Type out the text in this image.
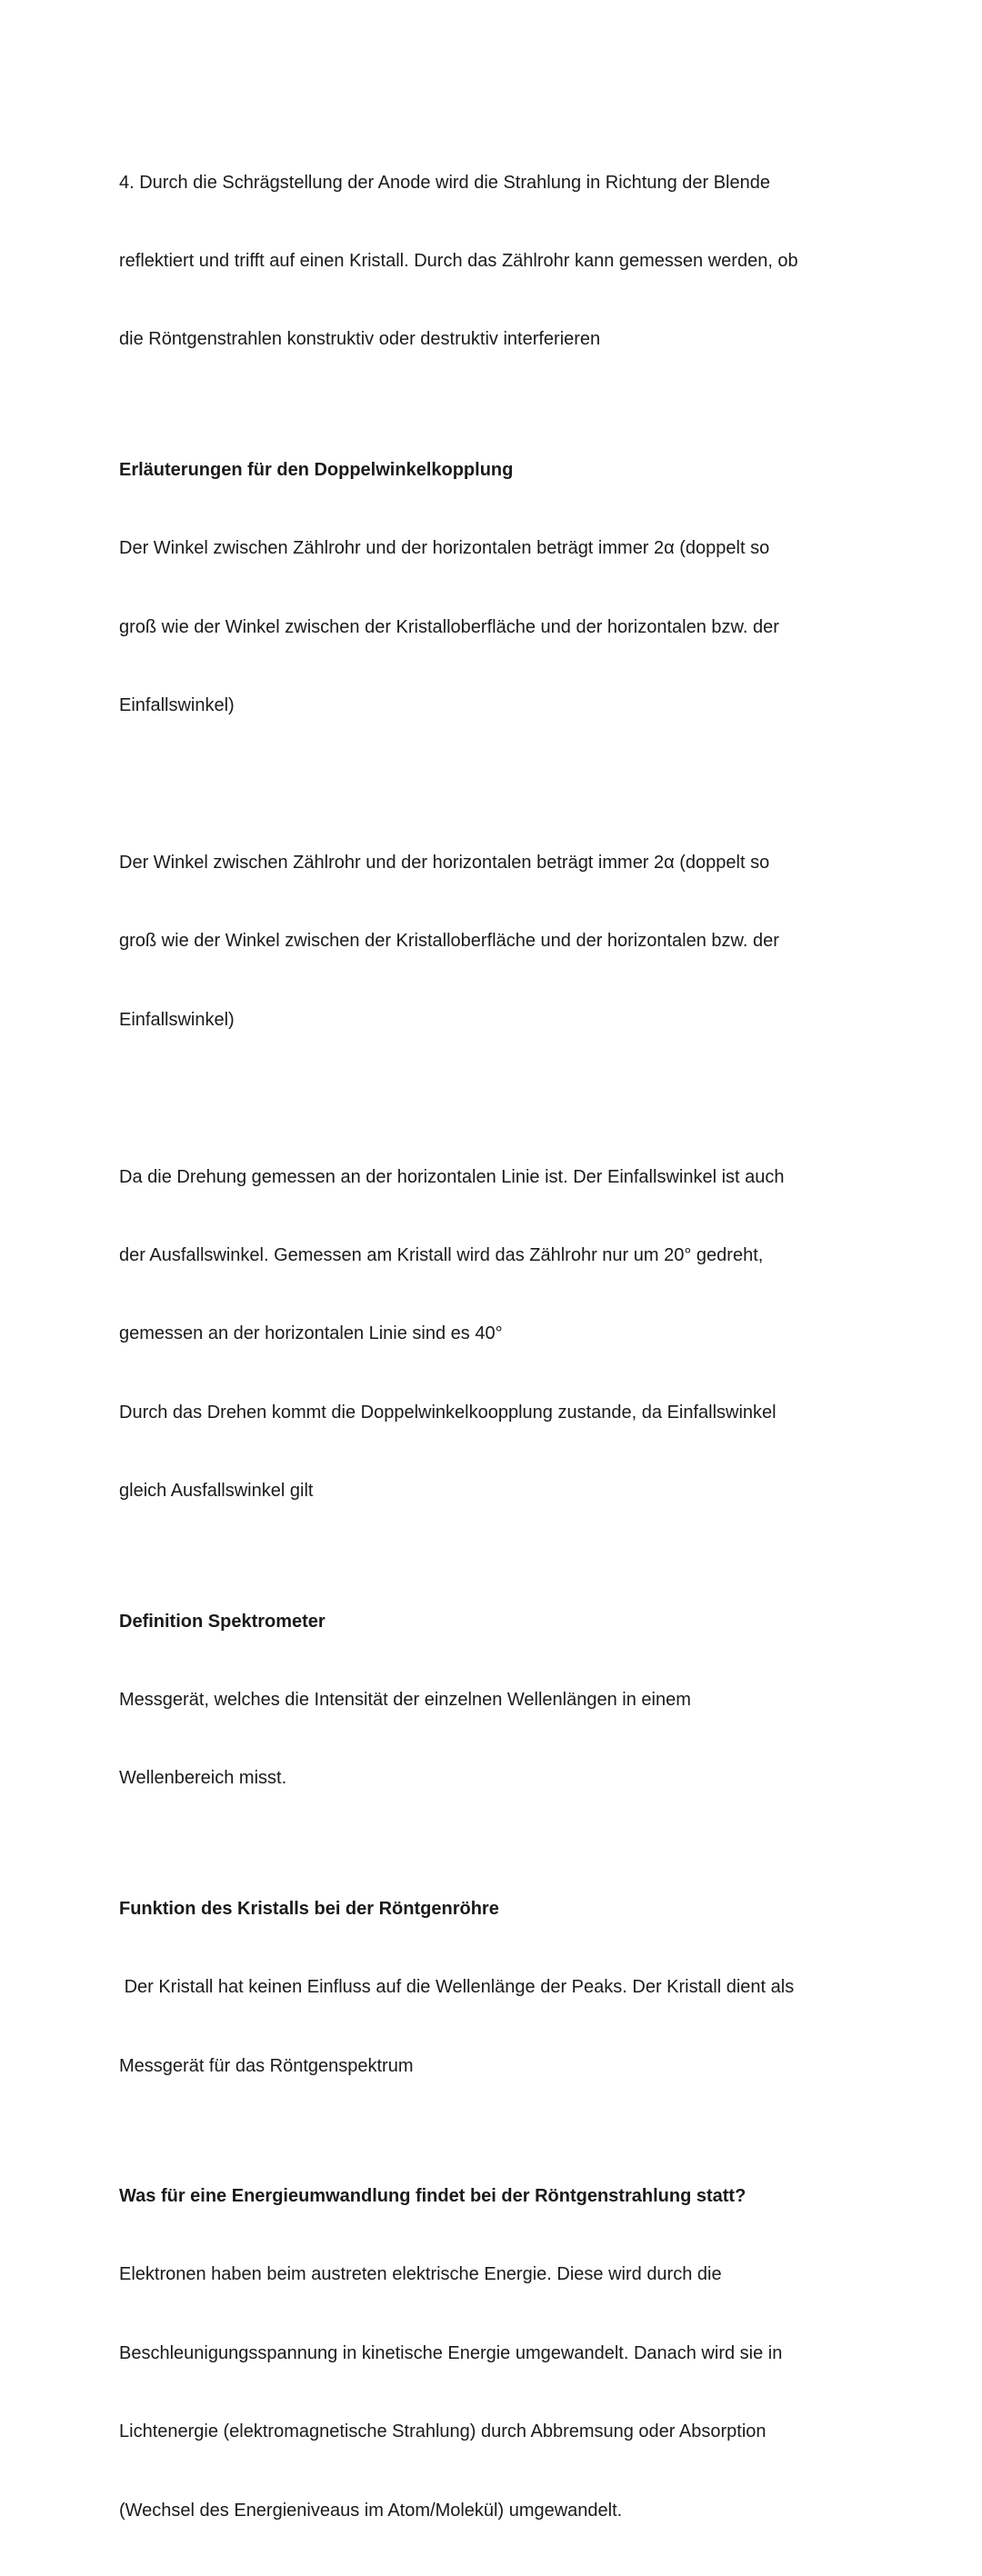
4. Durch die Schrägstellung der Anode wird die Strahlung in Richtung der Blende

reflektiert und trifft auf einen Kristall. Durch das Zählrohr kann gemessen werden, ob

die Röntgenstrahlen konstruktiv oder destruktiv interferieren

Erläuterungen für den Doppelwinkelkopplung

Der Winkel zwischen Zählrohr und der horizontalen beträgt immer 2α (doppelt so

groß wie der Winkel zwischen der Kristalloberfläche und der horizontalen bzw. der

Einfallswinkel)

Der Winkel zwischen Zählrohr und der horizontalen beträgt immer 2α (doppelt so

groß wie der Winkel zwischen der Kristalloberfläche und der horizontalen bzw. der

Einfallswinkel)

Da die Drehung gemessen an der horizontalen Linie ist. Der Einfallswinkel ist auch

der Ausfallswinkel. Gemessen am Kristall wird das Zählrohr nur um 20° gedreht,

gemessen an der horizontalen Linie sind es 40°

Durch das Drehen kommt die Doppelwinkelkoopplung zustande, da Einfallswinkel

gleich Ausfallswinkel gilt

Definition Spektrometer

Messgerät, welches die Intensität der einzelnen Wellenlängen in einem

Wellenbereich misst.

Funktion des Kristalls bei der Röntgenröhre

Der Kristall hat keinen Einfluss auf die Wellenlänge der Peaks. Der Kristall dient als

Messgerät für das Röntgenspektrum

Was für eine Energieumwandlung findet bei der Röntgenstrahlung statt?

Elektronen haben beim austreten elektrische Energie. Diese wird durch die

Beschleunigungsspannung in kinetische Energie umgewandelt. Danach wird sie in

Lichtenergie (elektromagnetische Strahlung) durch Abbremsung oder Absorption

(Wechsel des Energieniveaus im Atom/Molekül) umgewandelt.
